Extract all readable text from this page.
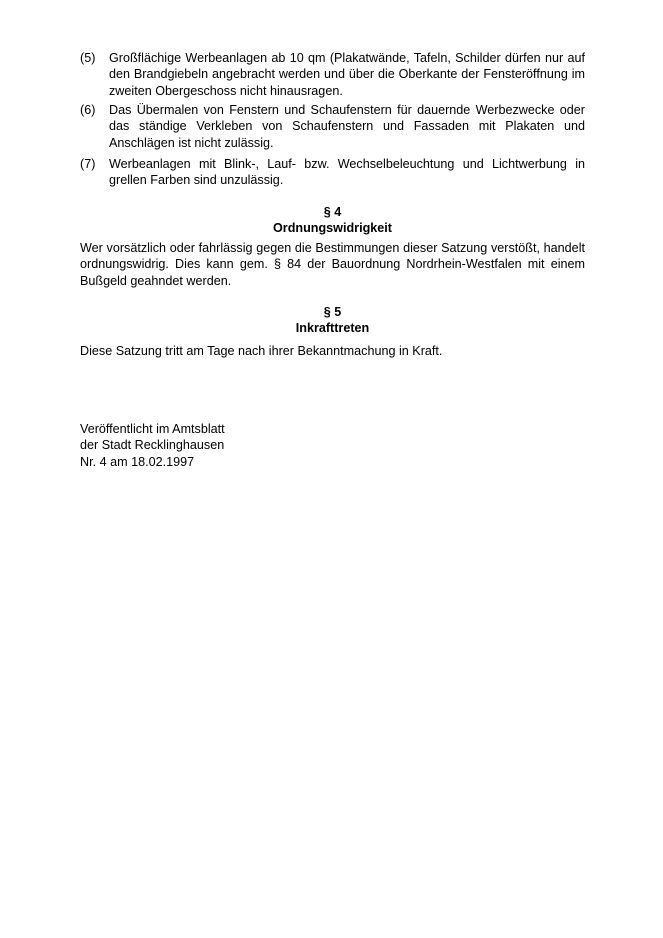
(5)	Großflächige Werbeanlagen ab 10 qm (Plakatwände, Tafeln, Schilder dürfen nur auf den Brandgiebeln angebracht werden und über die Oberkante der Fensteröffnung im zweiten Obergeschoss nicht hinausragen.
(6)	Das Übermalen von Fenstern und Schaufenstern für dauernde Werbezwecke oder das ständige Verkleben von Schaufenstern und Fassaden mit Plakaten und Anschlägen ist nicht zulässig.
(7)	Werbeanlagen mit Blink-, Lauf- bzw. Wechselbeleuchtung und Lichtwerbung in grellen Farben sind unzulässig.
§ 4
Ordnungswidrigkeit
Wer vorsätzlich oder fahrlässig gegen die Bestimmungen dieser Satzung verstößt, handelt ordnungswidrig. Dies kann gem. § 84 der Bauordnung Nordrhein-Westfalen mit einem Bußgeld geahndet werden.
§ 5
Inkrafttreten
Diese Satzung tritt am Tage nach ihrer Bekanntmachung in Kraft.
Veröffentlicht im Amtsblatt
der Stadt Recklinghausen
Nr. 4 am 18.02.1997
